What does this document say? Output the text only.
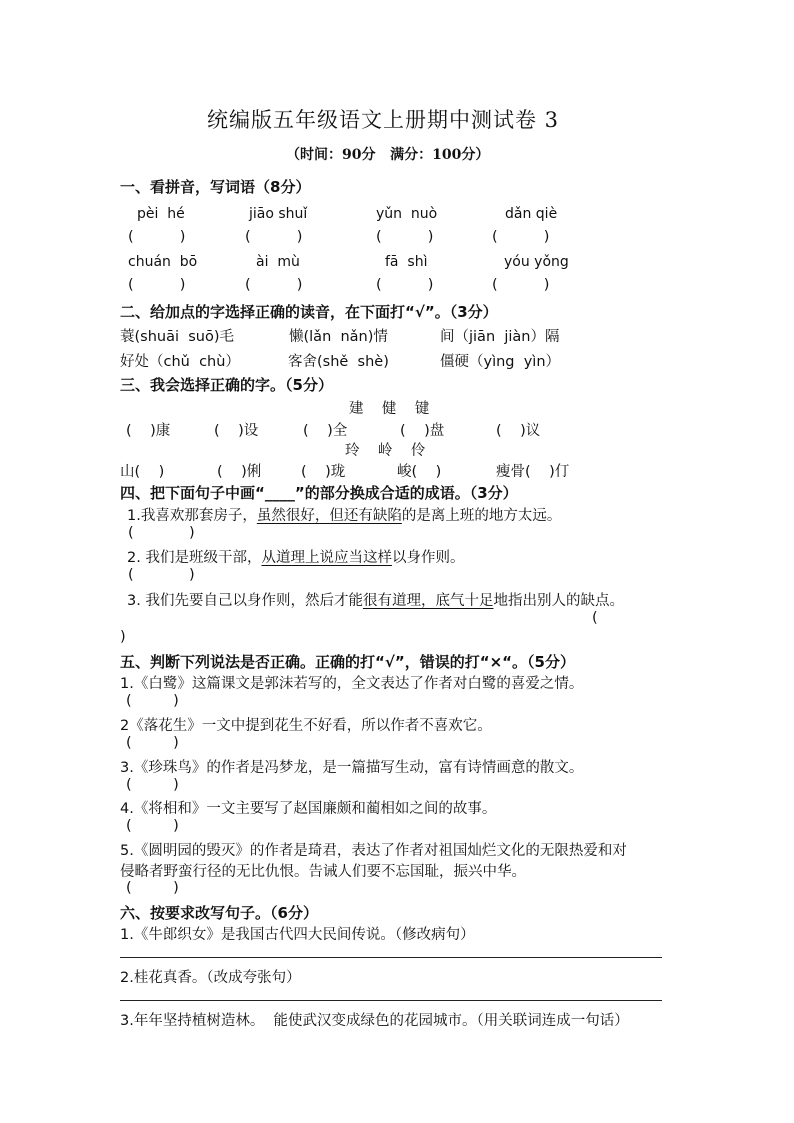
统编版五年级语文上册期中测试卷 3
（时间：90分   满分：100分）
一、看拼音，写词语（8分）
pèi  hé	jiāo shuǐ	yǔn  nuò	dǎn qiè
(          )	(          )	(          )	(          )
chuán  bō	ài  mù	fā  shì	yóu yǒng
(          )	(          )	(          )	(          )
二、给加点的字选择正确的读音，在下面打“√”。（3分）
蓑(shuāi  suō)毛	懒(lǎn  nǎn)情	间（jiān  jiàn）隔
好处（chǔ  chù）	客舍(shě  shè)	僵硬（yìng  yìn）
三、我会选择正确的字。（5分）
建    健    键
(    )康	(    )设	(    )全	(    )盘	(    )议
玲    岭    伶
山(    )	(    )俐	(    )珑	峻(    )	瘦骨(    )仃
四、把下面句子中画“____”的部分换成合适的成语。（3分）
1.我喜欢那套房子，虽然很好，但还有缺陷的是离上班的地方太远。
(            )
2. 我们是班级干部，从道理上说应当这样以身作则。
(            )
3. 我们先要自己以身作则，然后才能很有道理，底气十足地指出别人的缺点。
(
)
五、判断下列说法是否正确。正确的打“√”，错误的打“×“。（5分）
1.《白鹭》这篇课文是郭沫若写的，全文表达了作者对白鹭的喜爱之情。
(         )
2《落花生》一文中提到花生不好看，所以作者不喜欢它。
(         )
3.《珍珠鸟》的作者是冯梦龙，是一篇描写生动，富有诗情画意的散文。
(         )
4.《将相和》一文主要写了赵国廉颇和蔺相如之间的故事。
(         )
5.《圆明园的毁灭》的作者是琦君，表达了作者对祖国灿烂文化的无限热爱和对
侵略者野蛮行径的无比仇恨。告诫人们要不忘国耻，振兴中华。
(         )
六、按要求改写句子。（6分）
1.《牛郎织女》是我国古代四大民间传说。（修改病句）
2.桂花真香。（改成夸张句）
3.年年坚持植树造林。  能使武汉变成绿色的花园城市。（用关联词连成一句话）
